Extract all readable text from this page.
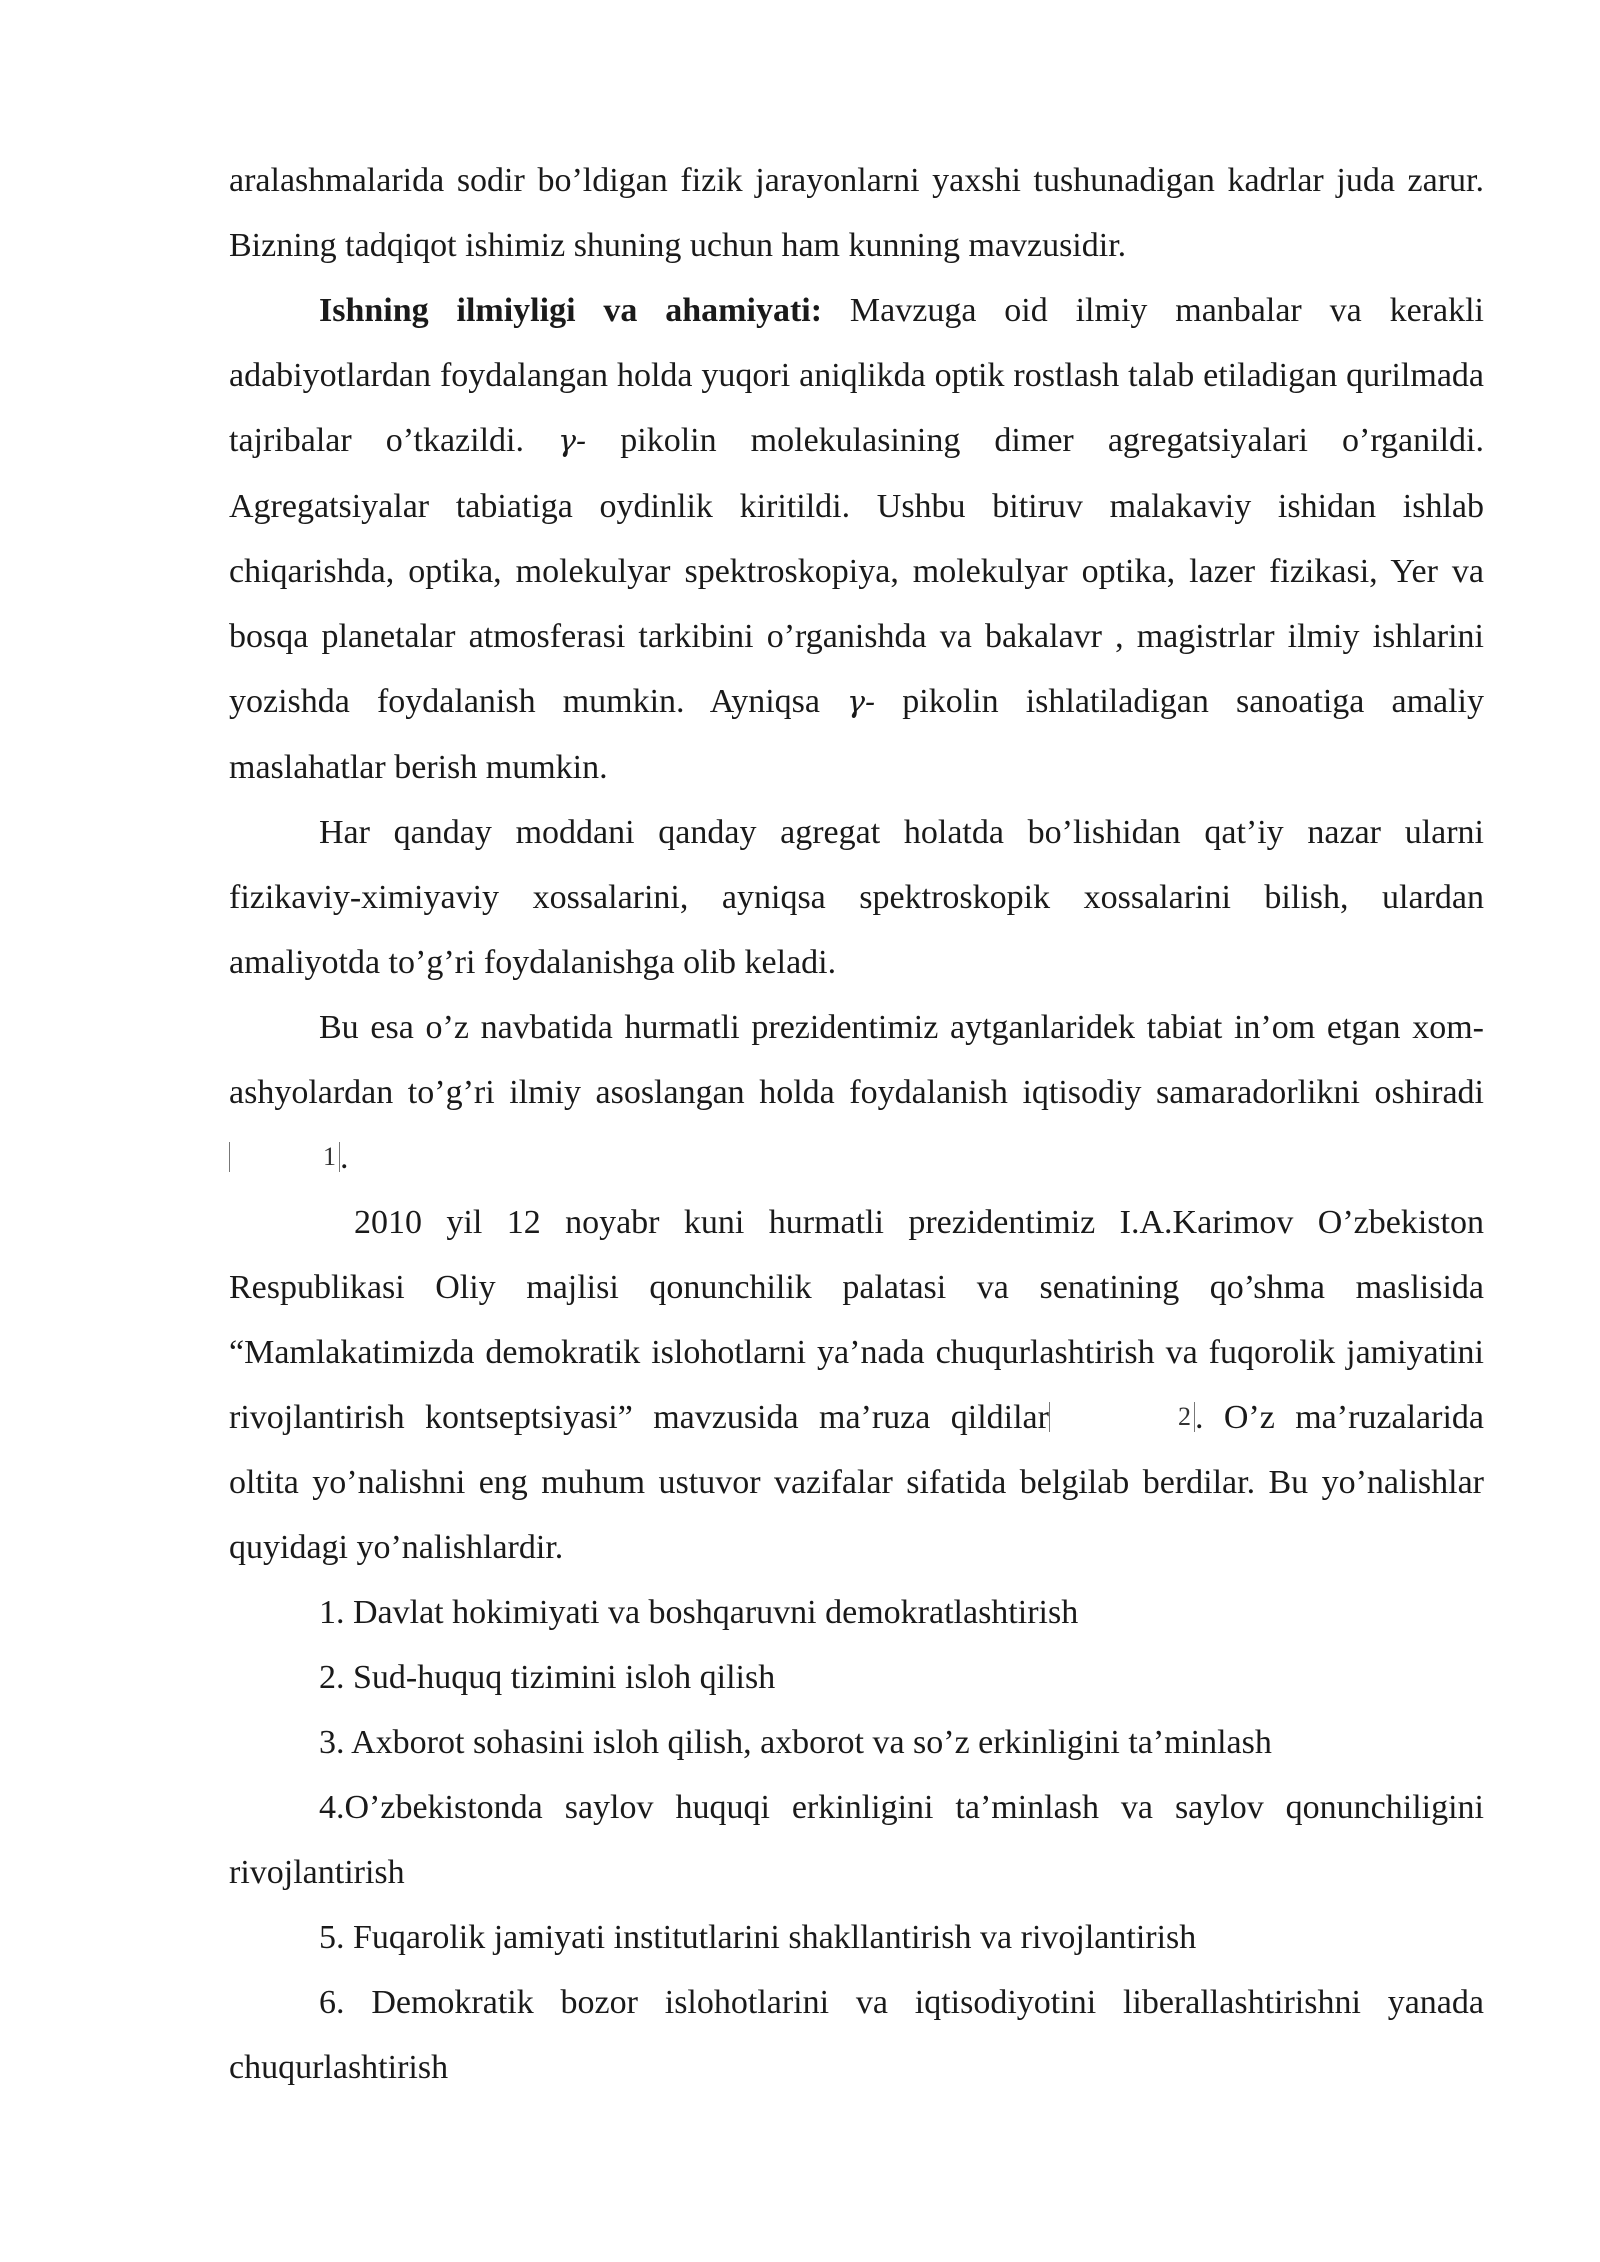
aralashmalarida sodir bo’ldigan fizik jarayonlarni yaxshi tushunadigan kadrlar juda zarur. Bizning tadqiqot ishimiz shuning uchun ham kunning mavzusidir.

Ishning ilmiyligi va ahamiyati: Mavzuga oid ilmiy manbalar va kerakli adabiyotlardan foydalangan holda yuqori aniqlikda optik rostlash talab etiladigan qurilmada tajribalar o’tkazildi. γ- pikolin molekulasining dimer agregatsiyalari o’rganildi. Agregatsiyalar tabiatiga oydinlik kiritildi. Ushbu bitiruv malakaviy ishidan ishlab chiqarishda, optika, molekulyar spektroskopiya, molekulyar optika, lazer fizikasi, Yer va bosqa planetalar atmosferasi tarkibini o’rganishda va bakalavr , magistrlar ilmiy ishlarini yozishda foydalanish mumkin. Ayniqsa γ- pikolin ishlatiladigan sanoatiga amaliy maslahatlar berish mumkin.

Har qanday moddani qanday agregat holatda bo’lishidan qat’iy nazar ularni fizikaviy-ximiyaviy xossalarini, ayniqsa spektroskopik xossalarini bilish, ulardan amaliyotda to’g’ri foydalanishga olib keladi.

Bu esa o’z navbatida hurmatli prezidentimiz aytganlaridek tabiat in’om etgan xom-ashyolardan to’g’ri ilmiy asoslangan holda foydalanish iqtisodiy samaradorlikni oshiradi1 .

2010 yil 12 noyabr kuni hurmatli prezidentimiz I.A.Karimov O’zbekiston Respublikasi Oliy majlisi qonunchilik palatasi va senatining qo’shma maslisida “Mamlakatimizda demokratik islohotlarni ya’nada chuqurlashtirish va fuqorolik jamiyatini rivojlantirish kontseptsiyasi” mavzusida ma’ruza qildilar	2 . O’z ma’ruzalarida oltita yo’nalishni eng muhum ustuvor vazifalar sifatida belgilab berdilar. Bu yo’nalishlar quyidagi yo’nalishlardir.

1. Davlat hokimiyati va boshqaruvni demokratlashtirish

2. Sud-huquq tizimini isloh qilish

3. Axborot sohasini isloh qilish, axborot va so’z erkinligini ta’minlash

4.O’zbekistonda saylov huquqi erkinligini ta’minlash va saylov qonunchiligini rivojlantirish

5. Fuqarolik jamiyati institutlarini shakllantirish va rivojlantirish

6. Demokratik bozor islohotlarini va iqtisodiyotini liberallashtirishni yanada chuqurlashtirish
